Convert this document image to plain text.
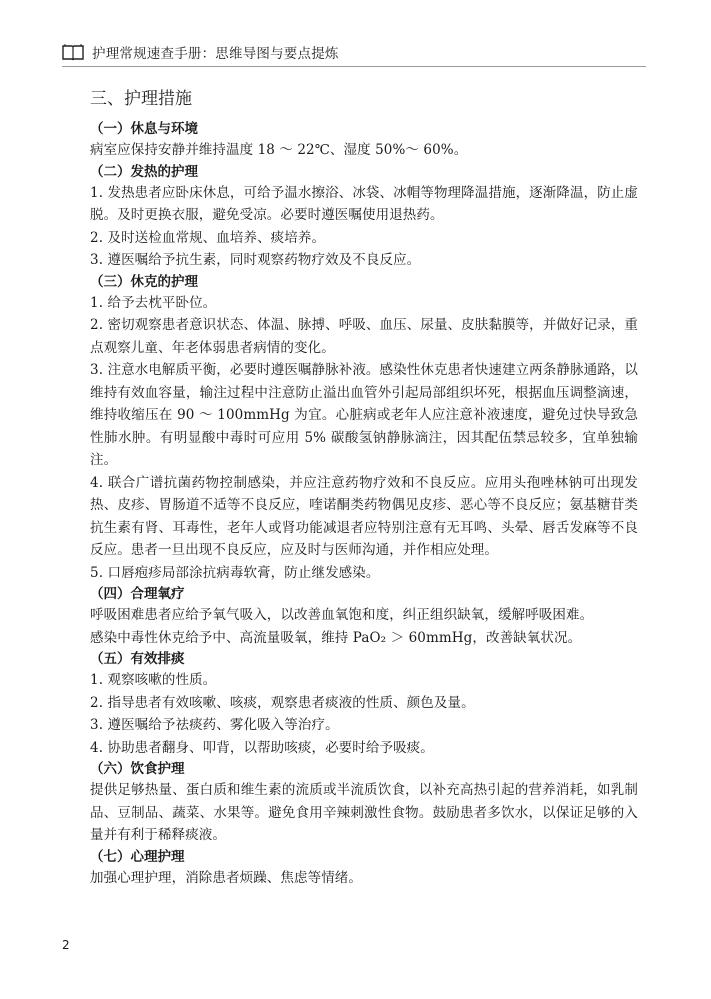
护理常规速查手册：思维导图与要点提炼
三、护理措施

（一）休息与环境

病室应保持安静并维持温度 18 ～ 22℃、湿度 50%～ 60%。

（二）发热的护理

1. 发热患者应卧床休息，可给予温水擦浴、冰袋、冰帽等物理降温措施，逐渐降温，防止虚脱。及时更换衣服，避免受凉。必要时遵医嘱使用退热药。

2. 及时送检血常规、血培养、痰培养。

3. 遵医嘱给予抗生素，同时观察药物疗效及不良反应。

（三）休克的护理

1. 给予去枕平卧位。

2. 密切观察患者意识状态、体温、脉搏、呼吸、血压、尿量、皮肤黏膜等，并做好记录，重点观察儿童、年老体弱患者病情的变化。

3. 注意水电解质平衡，必要时遵医嘱静脉补液。感染性休克患者快速建立两条静脉通路，以维持有效血容量，输注过程中注意防止溢出血管外引起局部组织坏死，根据血压调整滴速，维持收缩压在 90 ～ 100mmHg 为宜。心脏病或老年人应注意补液速度，避免过快导致急性肺水肿。有明显酸中毒时可应用 5% 碳酸氢钠静脉滴注，因其配伍禁忌较多，宜单独输注。

4. 联合广谱抗菌药物控制感染，并应注意药物疗效和不良反应。应用头孢唑林钠可出现发热、皮疹、胃肠道不适等不良反应，喹诺酮类药物偶见皮疹、恶心等不良反应；氨基糖苷类抗生素有肾、耳毒性，老年人或肾功能减退者应特别注意有无耳鸣、头晕、唇舌发麻等不良反应。患者一旦出现不良反应，应及时与医师沟通，并作相应处理。

5. 口唇疱疹局部涂抗病毒软膏，防止继发感染。

（四）合理氧疗

呼吸困难患者应给予氧气吸入，以改善血氧饱和度，纠正组织缺氧，缓解呼吸困难。

感染中毒性休克给予中、高流量吸氧，维持 PaO₂ ＞ 60mmHg，改善缺氧状况。

（五）有效排痰

1. 观察咳嗽的性质。

2. 指导患者有效咳嗽、咳痰，观察患者痰液的性质、颜色及量。

3. 遵医嘱给予祛痰药、雾化吸入等治疗。

4. 协助患者翻身、叩背，以帮助咳痰，必要时给予吸痰。

（六）饮食护理

提供足够热量、蛋白质和维生素的流质或半流质饮食，以补充高热引起的营养消耗，如乳制品、豆制品、蔬菜、水果等。避免食用辛辣刺激性食物。鼓励患者多饮水，以保证足够的入量并有利于稀释痰液。

（七）心理护理

加强心理护理，消除患者烦躁、焦虑等情绪。

2
